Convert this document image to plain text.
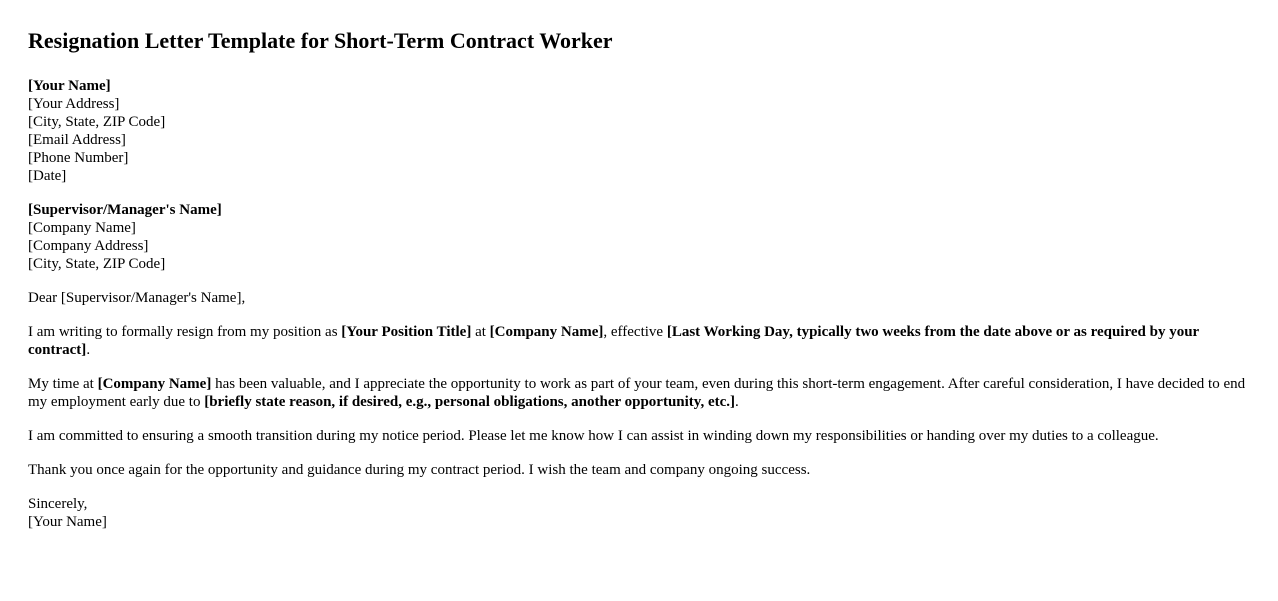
Resignation Letter Template for Short-Term Contract Worker
[Your Name]
[Your Address]
[City, State, ZIP Code]
[Email Address]
[Phone Number]
[Date]
[Supervisor/Manager's Name]
[Company Name]
[Company Address]
[City, State, ZIP Code]

Dear [Supervisor/Manager's Name],

I am writing to formally resign from my position as [Your Position Title] at [Company Name], effective [Last Working Day, typically two weeks from the date above or as required by your contract].

My time at [Company Name] has been valuable, and I appreciate the opportunity to work as part of your team, even during this short-term engagement. After careful consideration, I have decided to end my employment early due to [briefly state reason, if desired, e.g., personal obligations, another opportunity, etc.].

I am committed to ensuring a smooth transition during my notice period. Please let me know how I can assist in winding down my responsibilities or handing over my duties to a colleague.

Thank you once again for the opportunity and guidance during my contract period. I wish the team and company ongoing success.

Sincerely,
[Your Name]
